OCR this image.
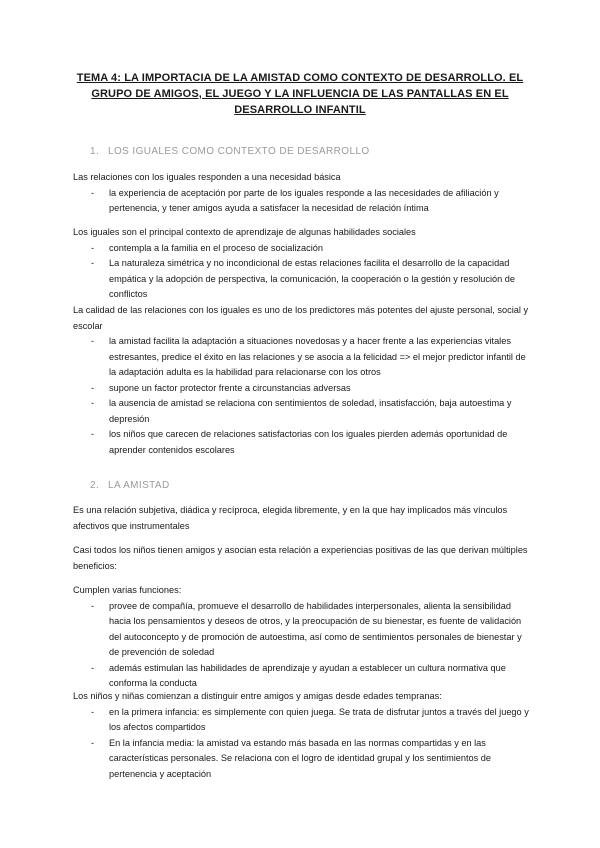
TEMA 4: LA IMPORTACIA DE LA AMISTAD COMO CONTEXTO DE DESARROLLO. EL GRUPO DE AMIGOS, EL JUEGO Y LA INFLUENCIA DE LAS PANTALLAS EN EL DESARROLLO INFANTIL
1. LOS IGUALES COMO CONTEXTO DE DESARROLLO

Las relaciones con los iguales responden a una necesidad básica

- la experiencia de aceptación por parte de los iguales responde a las necesidades de afiliación y pertenencia, y tener amigos ayuda a satisfacer la necesidad de relación íntima

Los iguales son el principal contexto de aprendizaje de algunas habilidades sociales

- contempla a la familia en el proceso de socialización
- La naturaleza simétrica y no incondicional de estas relaciones facilita el desarrollo de la capacidad empática y la adopción de perspectiva, la comunicación, la cooperación o la gestión y resolución de conflictos

La calidad de las relaciones con los iguales es uno de los predictores más potentes del ajuste personal, social y escolar

- la amistad facilita la adaptación a situaciones novedosas y a hacer frente a las experiencias vitales estresantes, predice el éxito en las relaciones y se asocia a la felicidad => el mejor predictor infantil de la adaptación adulta es la habilidad para relacionarse con los otros
- supone un factor protector frente a circunstancias adversas
- la ausencia de amistad se relaciona con sentimientos de soledad, insatisfacción, baja autoestima y depresión
- los niños que carecen de relaciones satisfactorias con los iguales pierden además oportunidad de aprender contenidos escolares
2. LA AMISTAD

Es una relación subjetiva, diádica y recíproca, elegida libremente, y en la que hay implicados más vínculos afectivos que instrumentales

Casi todos los niños tienen amigos y asocian esta relación a experiencias positivas de las que derivan múltiples beneficios:

Cumplen varias funciones:

- provee de compañía, promueve el desarrollo de habilidades interpersonales, alienta la sensibilidad hacia los pensamientos y deseos de otros, y la preocupación de su bienestar, es fuente de validación del autoconcepto y de promoción de autoestima, así como de sentimientos personales de bienestar y de prevención de soledad
- además estimulan las habilidades de aprendizaje y ayudan a establecer un cultura normativa que conforma la conducta

Los niños y niñas comienzan a distinguir entre amigos y amigas desde edades tempranas:

- en la primera infancia: es simplemente con quien juega. Se trata de disfrutar juntos a través del juego y los afectos compartidos
- En la infancia media: la amistad va estando más basada en las normas compartidas y en las características personales. Se relaciona con el logro de identidad grupal y los sentimientos de pertenencia y aceptación
